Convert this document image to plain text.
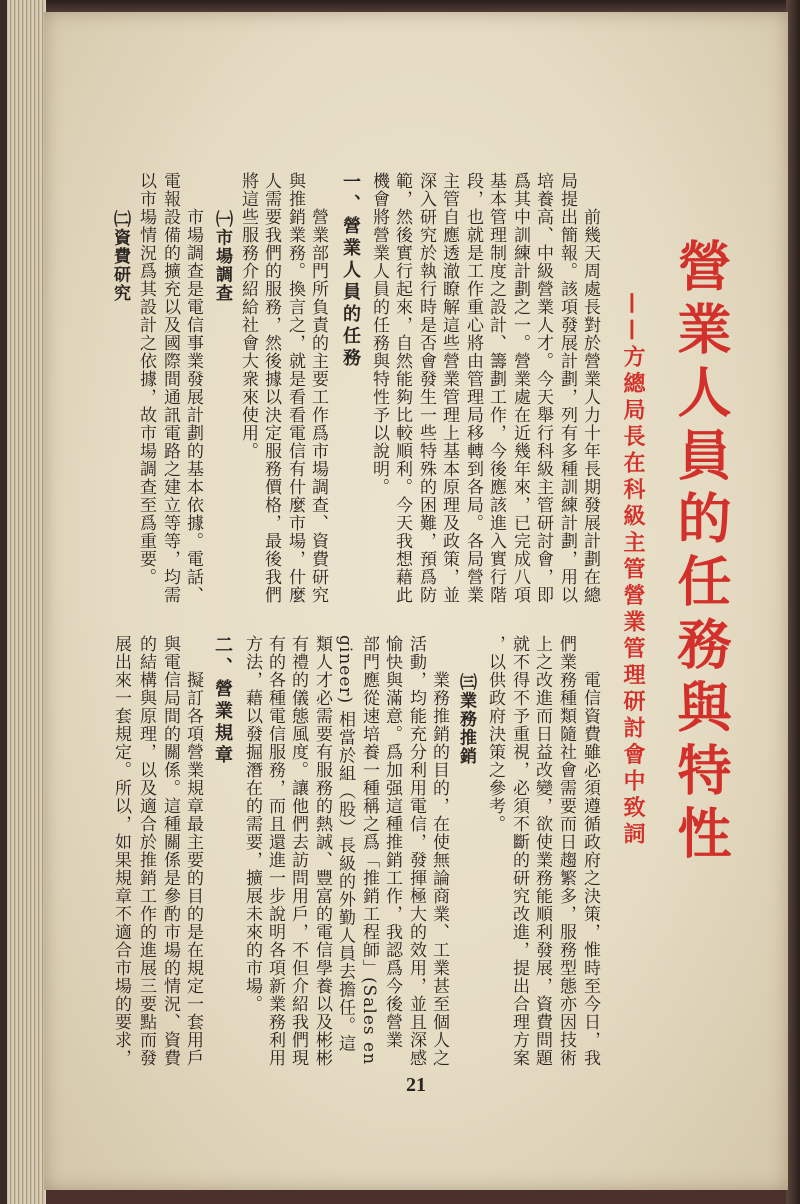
營業人員的任務與特性
——方總局長在科級主管營業管理研討會中致詞
前幾天周處長對於營業人力十年長期發展計劃在總
局提出簡報。該項發展計劃，列有多種訓練計劃，用以
培養高、中級營業人才。今天舉行科級主管研討會，即
爲其中訓練計劃之一。營業處在近幾年來，已完成八項
基本管理制度之設計、籌劃工作，今後應該進入實行階
段，也就是工作重心將由管理局移轉到各局。各局營業
主管自應透澈瞭解這些營業管理上基本原理及政策，並
深入研究於執行時是否會發生一些特殊的困難，預爲防
範，然後實行起來，自然能夠比較順利。今天我想藉此
機會將營業人員的任務與特性予以說明。
一、營業人員的任務
營業部門所負責的主要工作爲市場調查、資費研究
與推銷業務。換言之，就是看看電信有什麼市場，什麼
人需要我們的服務，然後據以決定服務價格，最後我們
將這些服務介紹給社會大衆來使用。
㈠市場調查
市場調查是電信事業發展計劃的基本依據。電話、
電報設備的擴充以及國際間通訊電路之建立等等，均需
以市場情況爲其設計之依據，故市場調查至爲重要。
㈡資費研究
電信資費雖必須遵循政府之決策，惟時至今日，我
們業務種類隨社會需要而日趨繁多，服務型態亦因技術
上之改進而日益改變，欲使業務能順利發展，資費問題
就不得不予重視，必須不斷的研究改進，提出合理方案
，以供政府決策之參考。
㈢業務推銷
業務推銷的目的，在使無論商業、工業甚至個人之
活動，均能充分利用電信，發揮極大的效用，並且深感
愉快與滿意。爲加强這種推銷工作，我認爲今後營業
部門應從速培養一種稱之爲「推銷工程師」(Sales en
gineer) 相當於組（股）長級的外勤人員去擔任。這
類人才必需要有服務的熱誠、豐富的電信學養以及彬彬
有禮的儀態風度。讓他們去訪問用戶，不但介紹我們現
有的各種電信服務，而且還進一步說明各項新業務利用
方法，藉以發掘潛在的需要，擴展未來的市場。
二、營業規章
擬訂各項營業規章最主要的目的是在規定一套用戶
與電信局間的關係。這種關係是參酌市場的情況、資費
的結構與原理，以及適合於推銷工作的進展三要點而發
展出來一套規定。所以，如果規章不適合市場的要求，
21
